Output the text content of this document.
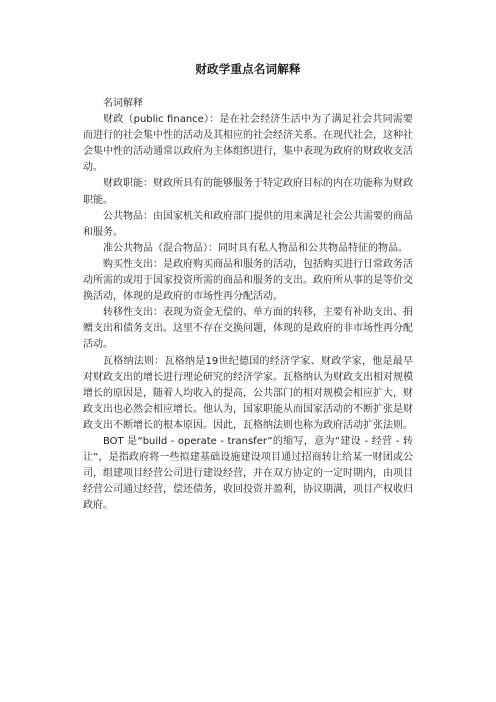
财政学重点名词解释

名词解释

财政（public finance）：是在社会经济生活中为了满足社会共同需要而进行的社会集中性的活动及其相应的社会经济关系。在现代社会，这种社会集中性的活动通常以政府为主体组织进行，集中表现为政府的财政收支活动。

财政职能：财政所具有的能够服务于特定政府目标的内在功能称为财政职能。

公共物品：由国家机关和政府部门提供的用来满足社会公共需要的商品和服务。

准公共物品（混合物品）：同时具有私人物品和公共物品特征的物品。

购买性支出：是政府购买商品和服务的活动，包括购买进行日常政务活动所需的或用于国家投资所需的商品和服务的支出。政府所从事的是等价交换活动，体现的是政府的市场性再分配活动。

转移性支出：表现为资金无偿的、单方面的转移，主要有补助支出、捐赠支出和债务支出。这里不存在交换问题，体现的是政府的非市场性再分配活动。

瓦格纳法则：瓦格纳是19世纪德国的经济学家、财政学家，他是最早对财政支出的增长进行理论研究的经济学家。瓦格纳认为财政支出相对规模增长的原因是，随着人均收入的提高，公共部门的相对规模会相应扩大，财政支出也必然会相应增长。他认为，国家职能从而国家活动的不断扩张是财政支出不断增长的根本原因。因此，瓦格纳法则也称为政府活动扩张法则。

BOT 是“build - operate - transfer”的缩写，意为“建设 - 经营 - 转让”，是指政府将一些拟建基础设施建设项目通过招商转让给某一财团或公司，组建项目经营公司进行建设经营，并在双方协定的一定时期内，由项目经营公司通过经营，偿还债务，收回投资并盈利，协议期满，项目产权收归政府。
